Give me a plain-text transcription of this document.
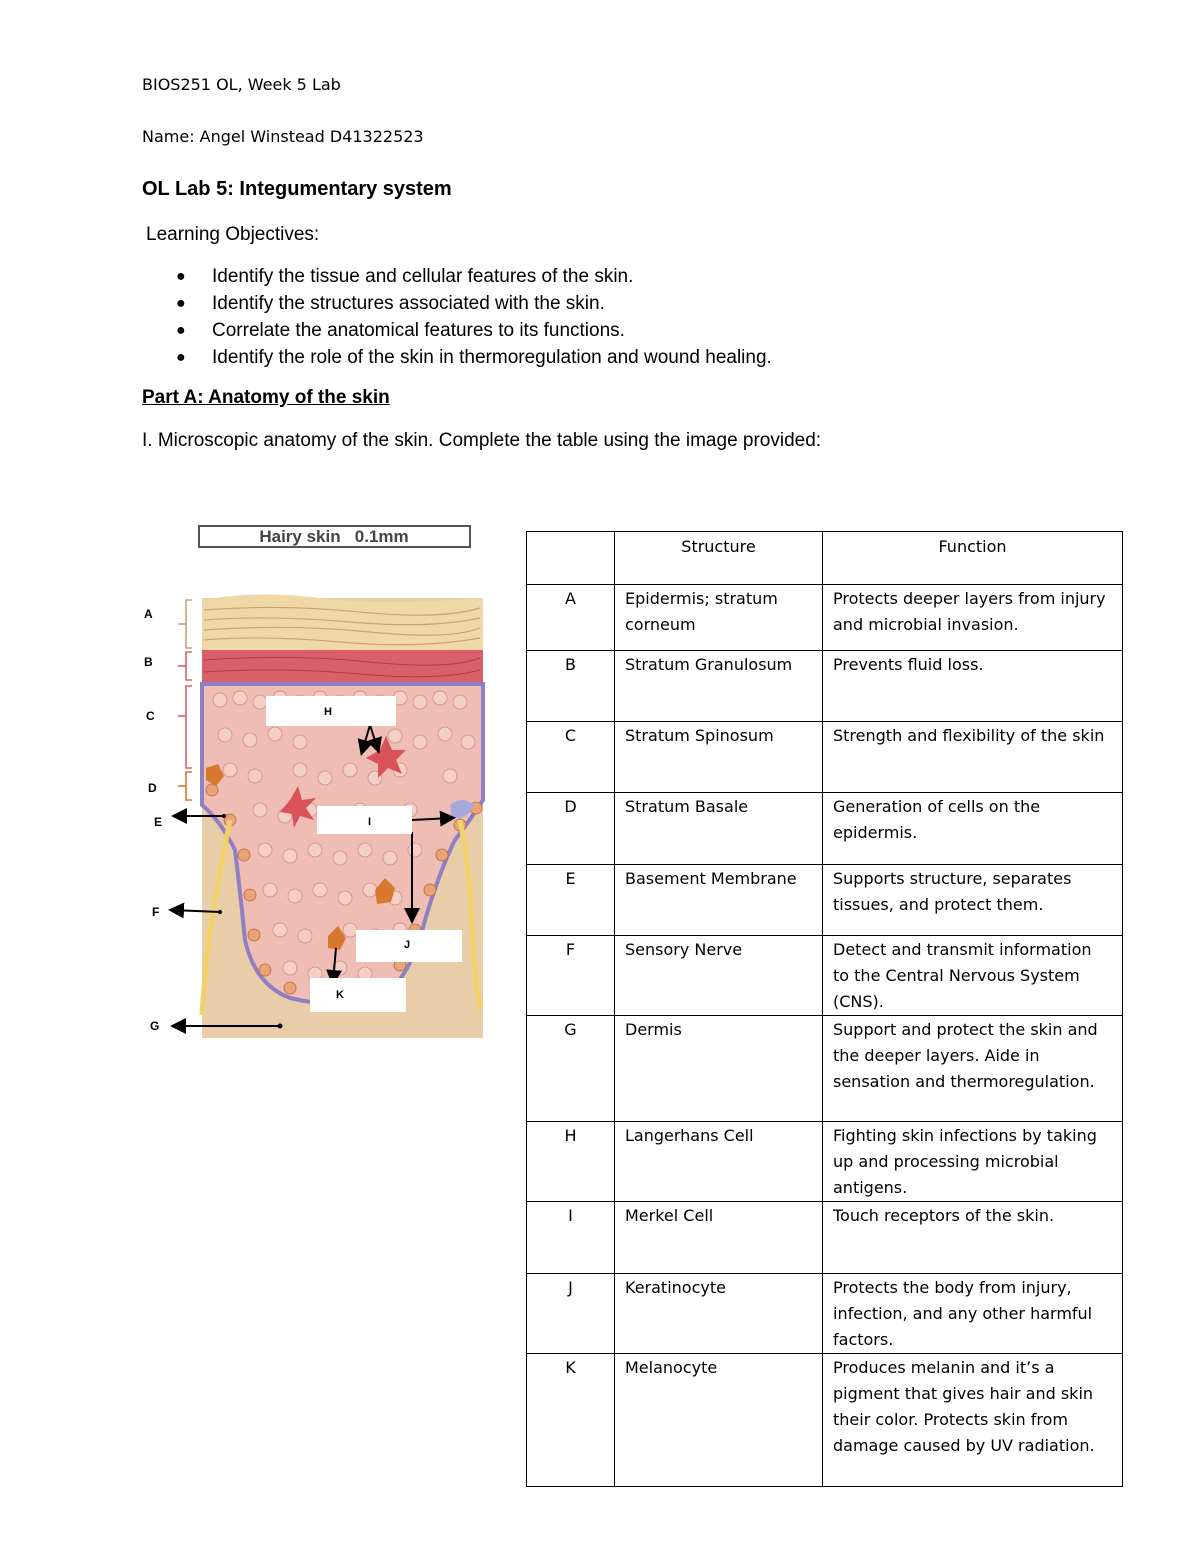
BIOS251 OL, Week 5 Lab
Name: Angel Winstead D41322523
OL Lab 5: Integumentary system
Learning Objectives:
● Identify the tissue and cellular features of the skin.
● Identify the structures associated with the skin.
● Correlate the anatomical features to its functions.
● Identify the role of the skin in thermoregulation and wound healing.
Part A: Anatomy of the skin
I. Microscopic anatomy of the skin. Complete the table using the image provided:
Hairy skin   0.1mm
A
B
C
D
E
F
G
H
I
J
K
	Structure	Function
A	Epidermis; stratum corneum	Protects deeper layers from injury and microbial invasion.
B	Stratum Granulosum	Prevents fluid loss.
C	Stratum Spinosum	Strength and flexibility of the skin
D	Stratum Basale	Generation of cells on the epidermis.
E	Basement Membrane	Supports structure, separates tissues, and protect them.
F	Sensory Nerve	Detect and transmit information to the Central Nervous System (CNS).
G	Dermis	Support and protect the skin and the deeper layers. Aide in sensation and thermoregulation.
H	Langerhans Cell	Fighting skin infections by taking up and processing microbial antigens.
I	Merkel Cell	Touch receptors of the skin.
J	Keratinocyte	Protects the body from injury, infection, and any other harmful factors.
K	Melanocyte	Produces melanin and it’s a pigment that gives hair and skin their color. Protects skin from damage caused by UV radiation.
